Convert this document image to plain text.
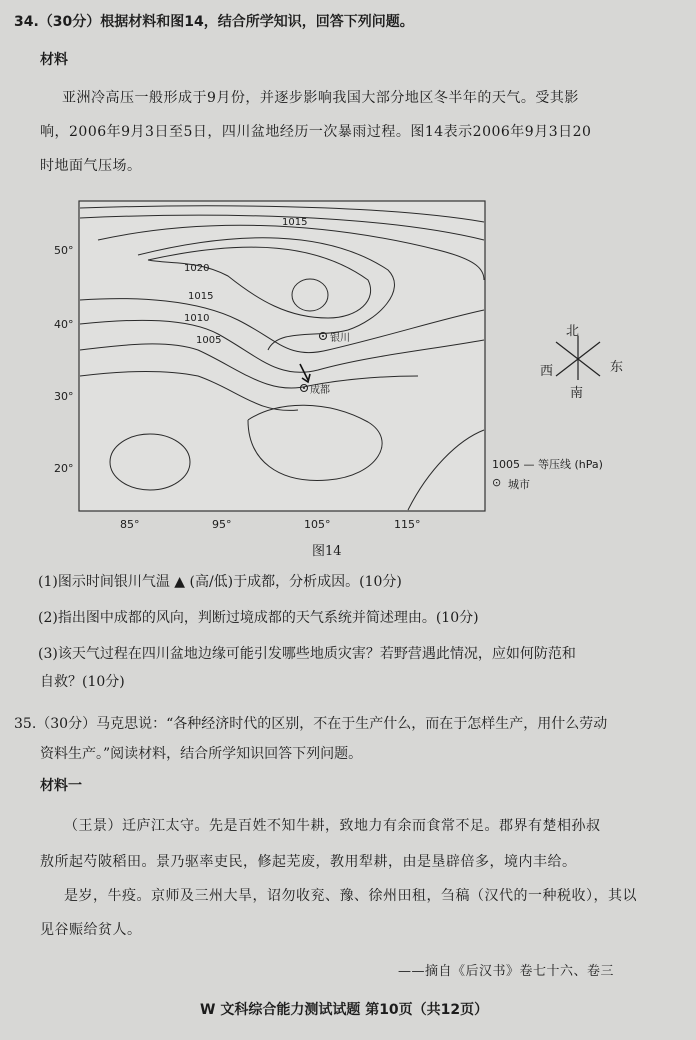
34.（30分）根据材料和图14，结合所学知识，回答下列问题。
材料
亚洲冷高压一般形成于9月份，并逐步影响我国大部分地区冬半年的天气。受其影
响，2006年9月3日至5日，四川盆地经历一次暴雨过程。图14表示2006年9月3日20
时地面气压场。
50°
40°
30°
20°
1015
1020
1015
1010
1005	银川
成都
85°	95°	105°	115°
北
西	东
南
1005 — 等压线 (hPa)
⊙ 城市
图14
(1)图示时间银川气温 ▲ (高/低)于成都，分析成因。(10分)
(2)指出图中成都的风向，判断过境成都的天气系统并简述理由。(10分)
(3)该天气过程在四川盆地边缘可能引发哪些地质灾害？若野营遇此情况，应如何防范和
自救？(10分)
35.（30分）马克思说：“各种经济时代的区别，不在于生产什么，而在于怎样生产，用什么劳动
资料生产。”阅读材料，结合所学知识回答下列问题。
材料一
（王景）迁庐江太守。先是百姓不知牛耕，致地力有余而食常不足。郡界有楚相孙叔
敖所起芍陂稻田。景乃驱率吏民，修起芜废，教用犁耕，由是垦辟倍多，境内丰给。
是岁，牛疫。京师及三州大旱，诏勿收兖、豫、徐州田租，刍稿（汉代的一种税收），其以
见谷赈给贫人。
——摘自《后汉书》卷七十六、卷三
W 文科综合能力测试试题 第10页（共12页）
